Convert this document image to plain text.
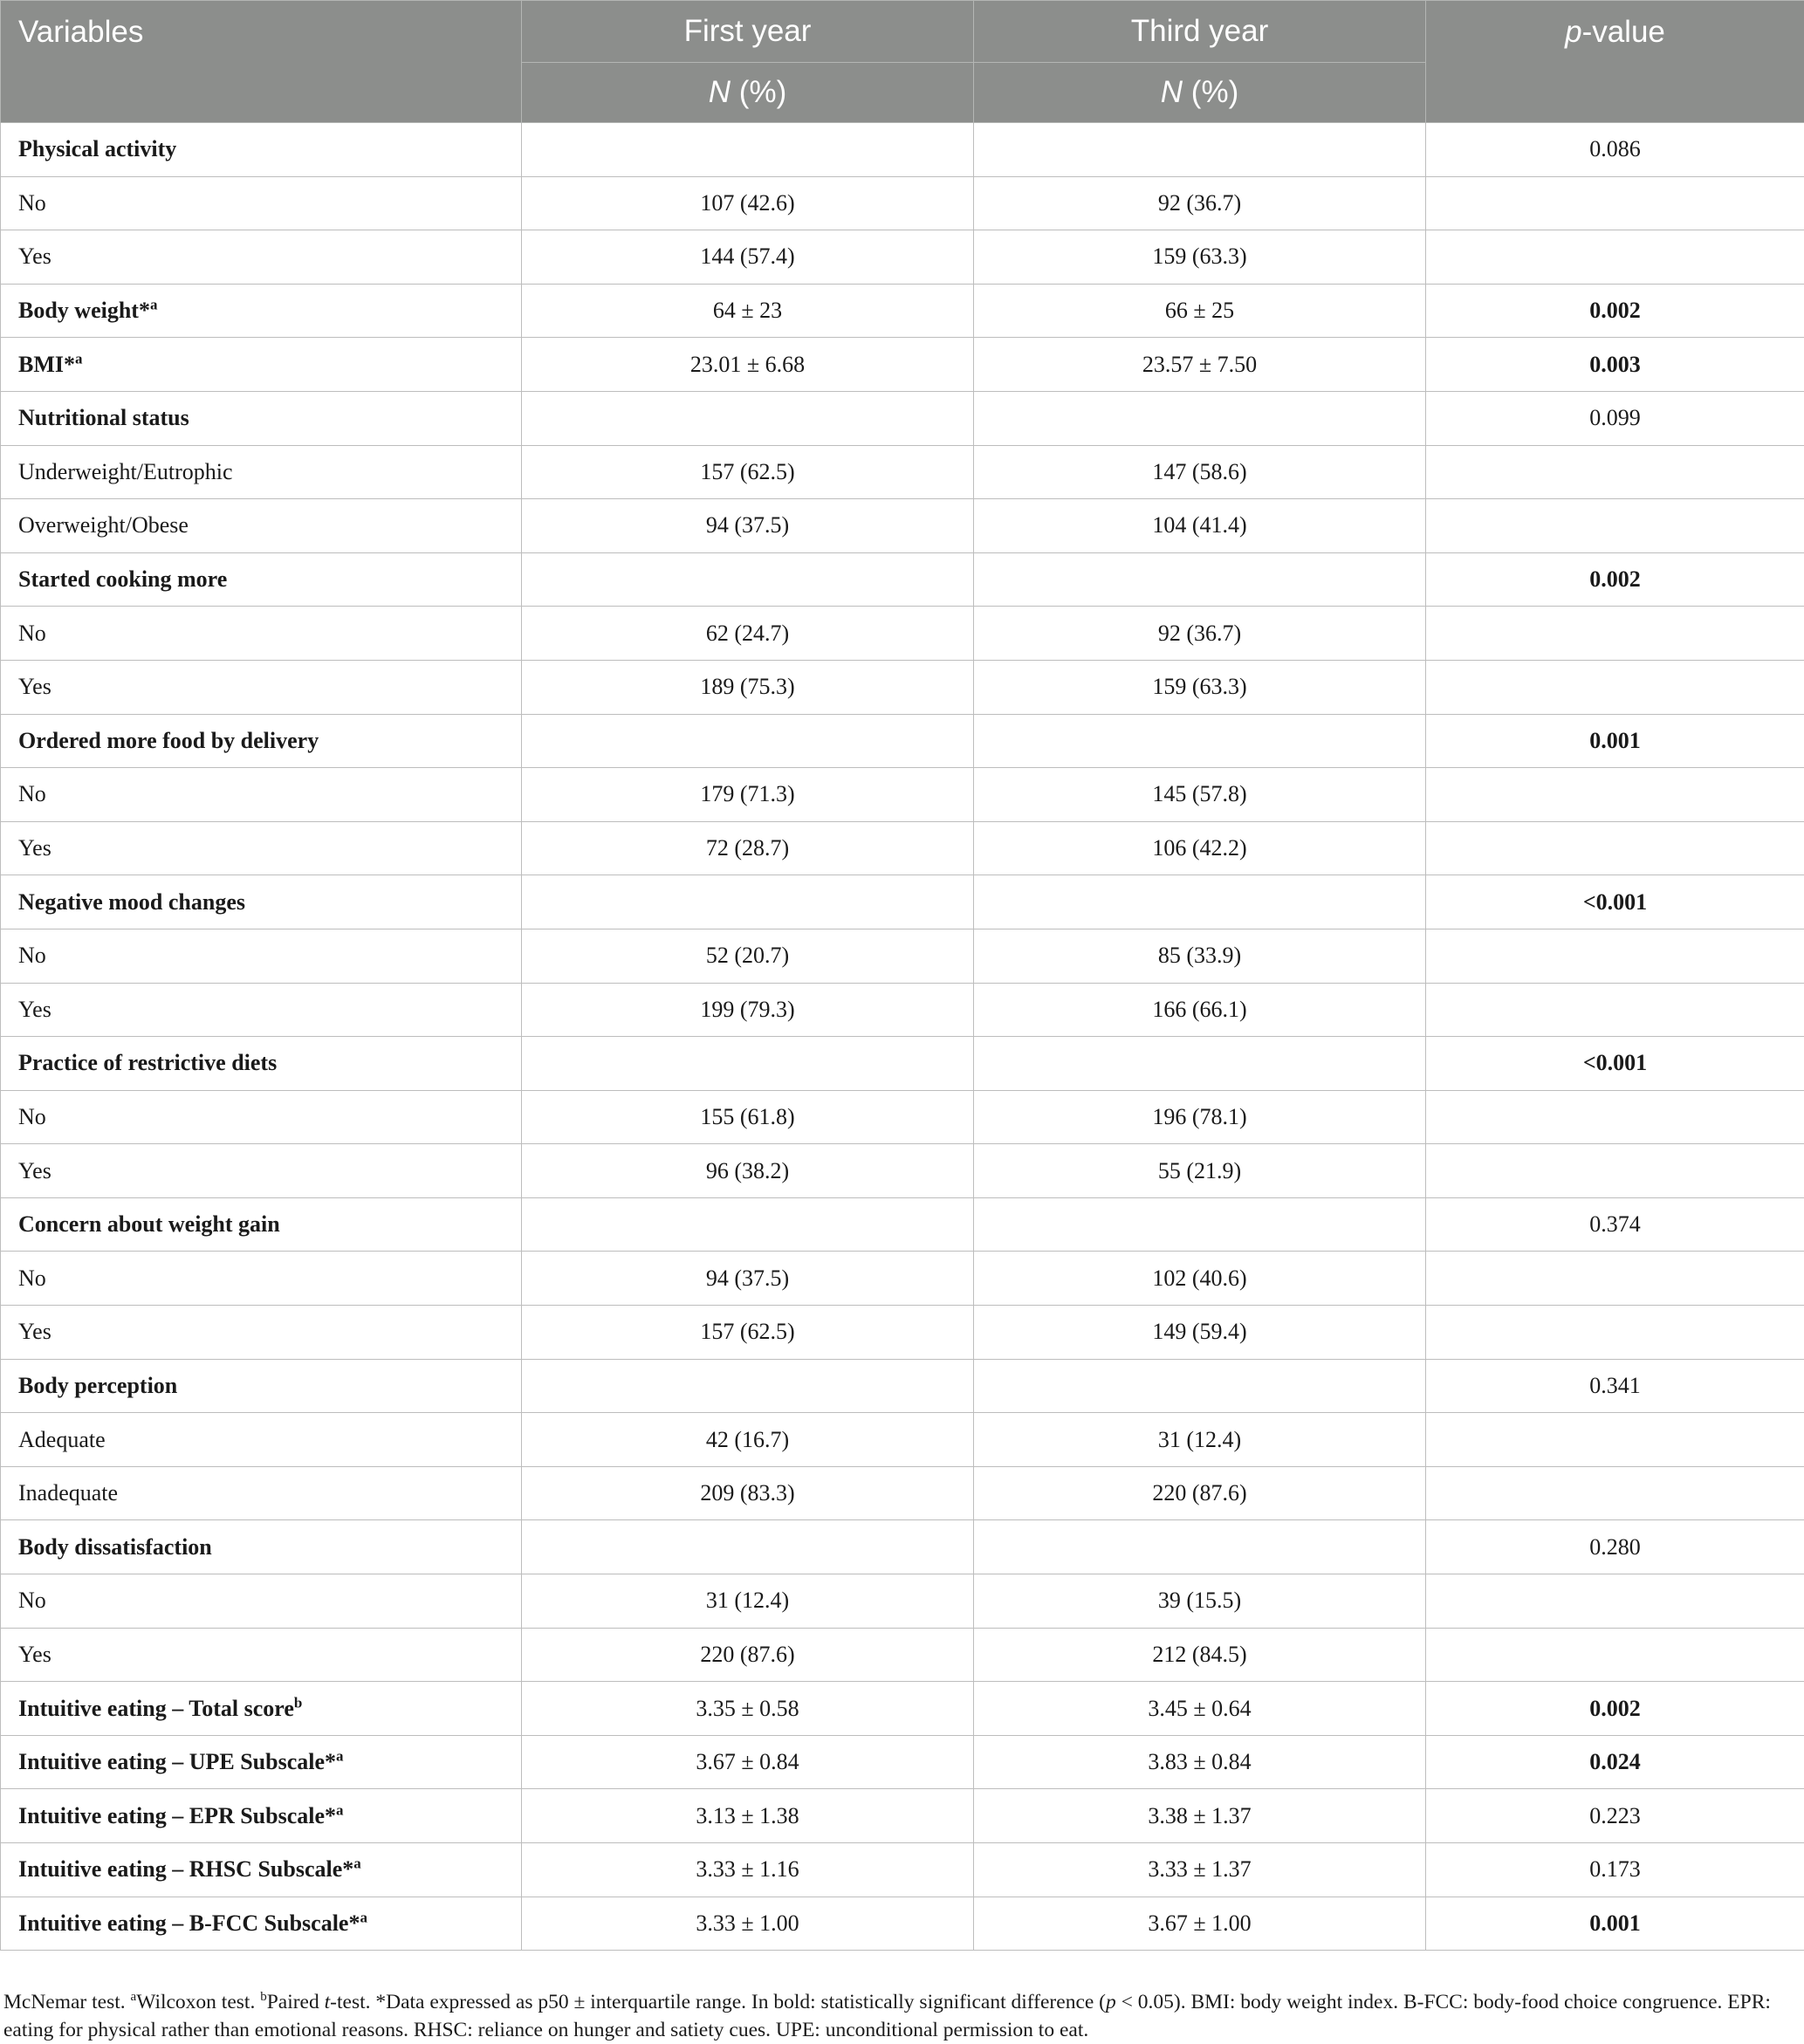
Variables	First year	Third year	p-value
	N (%)	N (%)	
Physical activity			0.086
No	107 (42.6)	92 (36.7)	
Yes	144 (57.4)	159 (63.3)	
Body weight*$^a$	64 ± 23	66 ± 25	0.002
BMI*$^a$	23.01 ± 6.68	23.57 ± 7.50	0.003
Nutritional status			0.099
Underweight/Eutrophic	157 (62.5)	147 (58.6)	
Overweight/Obese	94 (37.5)	104 (41.4)	
Started cooking more			0.002
No	62 (24.7)	92 (36.7)	
Yes	189 (75.3)	159 (63.3)	
Ordered more food by delivery			0.001
No	179 (71.3)	145 (57.8)	
Yes	72 (28.7)	106 (42.2)	
Negative mood changes			<0.001
No	52 (20.7)	85 (33.9)	
Yes	199 (79.3)	166 (66.1)	
Practice of restrictive diets			<0.001
No	155 (61.8)	196 (78.1)	
Yes	96 (38.2)	55 (21.9)	
Concern about weight gain			0.374
No	94 (37.5)	102 (40.6)	
Yes	157 (62.5)	149 (59.4)	
Body perception			0.341
Adequate	42 (16.7)	31 (12.4)	
Inadequate	209 (83.3)	220 (87.6)	
Body dissatisfaction			0.280
No	31 (12.4)	39 (15.5)	
Yes	220 (87.6)	212 (84.5)	
Intuitive eating – Total score$^b$	3.35 ± 0.58	3.45 ± 0.64	0.002
Intuitive eating – UPE Subscale*$^a$	3.67 ± 0.84	3.83 ± 0.84	0.024
Intuitive eating – EPR Subscale*$^a$	3.13 ± 1.38	3.38 ± 1.37	0.223
Intuitive eating – RHSC Subscale*$^a$	3.33 ± 1.16	3.33 ± 1.37	0.173
Intuitive eating – B-FCC Subscale*$^a$	3.33 ± 1.00	3.67 ± 1.00	0.001

McNemar test. $^a$Wilcoxon test. $^b$Paired t-test. *Data expressed as p50 ± interquartile range. In bold: statistically significant difference (p < 0.05). BMI: body weight index. B-FCC: body-food choice congruence. EPR: eating for physical rather than emotional reasons. RHSC: reliance on hunger and satiety cues. UPE: unconditional permission to eat.
